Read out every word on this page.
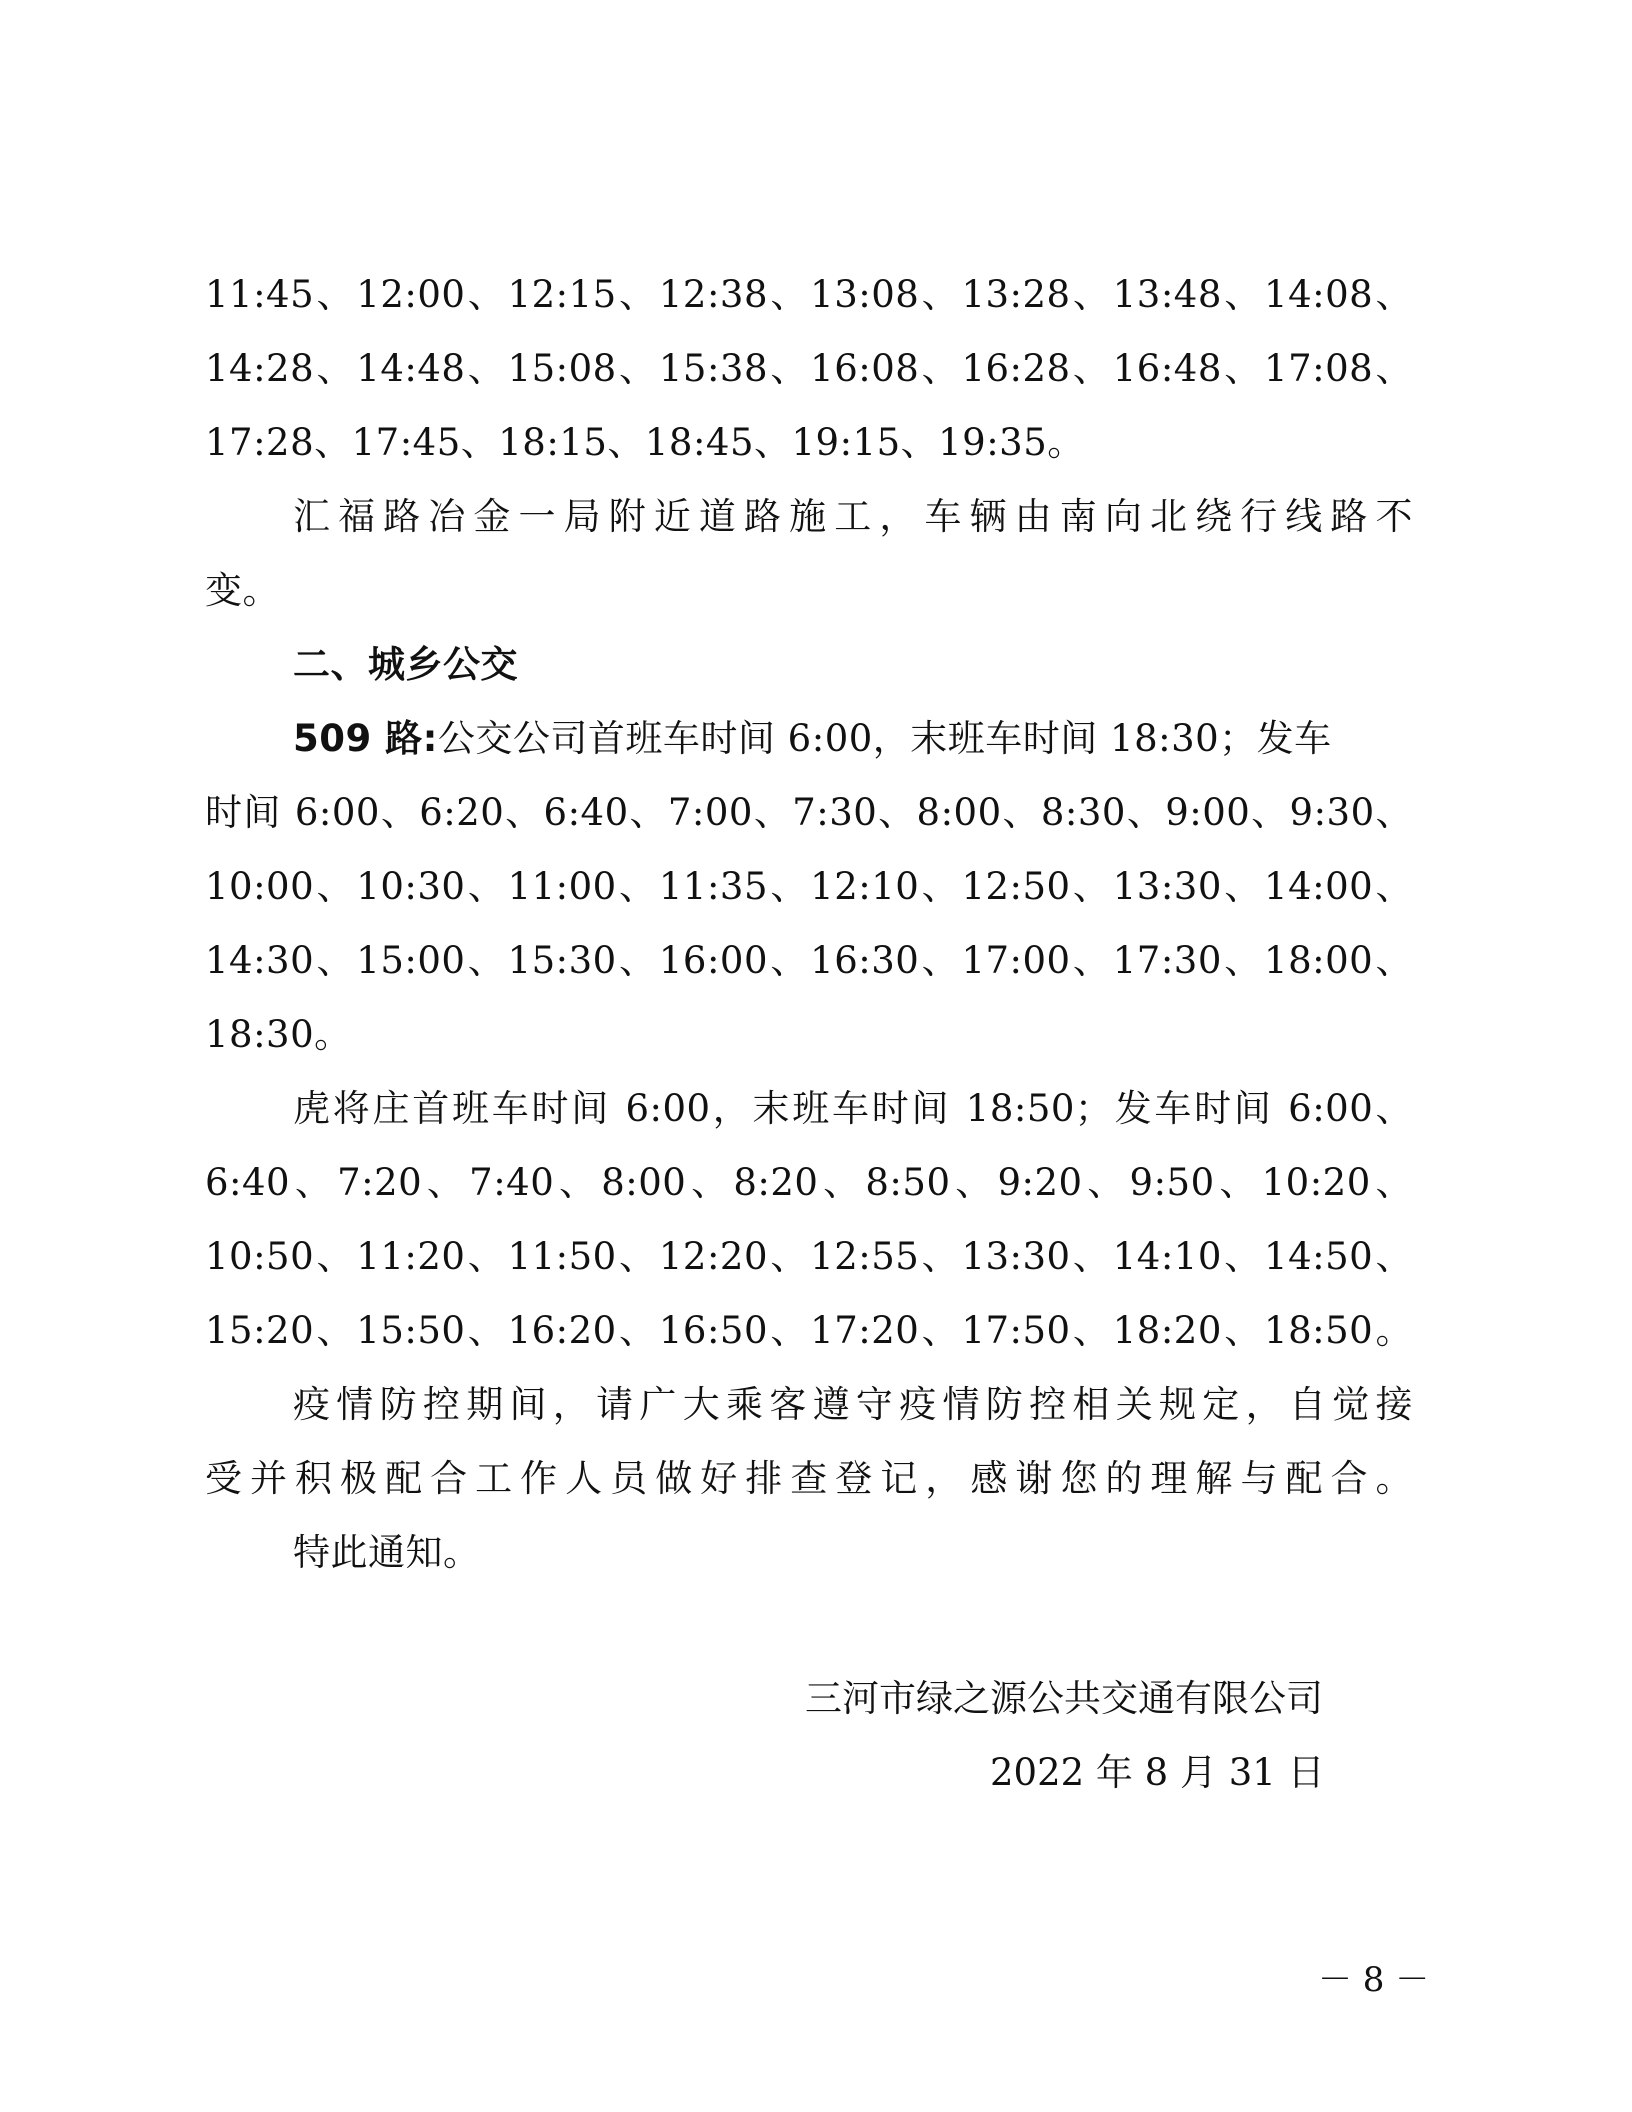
11:45、12:00、12:15、12:38、13:08、13:28、13:48、14:08、
14:28、14:48、15:08、15:38、16:08、16:28、16:48、17:08、
17:28、17:45、18:15、18:45、19:15、19:35。
汇福路冶金一局附近道路施工，车辆由南向北绕行线路不
变。
二、城乡公交
509 路:公交公司首班车时间 6:00，末班车时间 18:30；发车
时间 6:00、6:20、6:40、7:00、7:30、8:00、8:30、9:00、9:30、
10:00、10:30、11:00、11:35、12:10、12:50、13:30、14:00、
14:30、15:00、15:30、16:00、16:30、17:00、17:30、18:00、
18:30。
虎将庄首班车时间 6:00，末班车时间 18:50；发车时间 6:00、
6:40、7:20、7:40、8:00、8:20、8:50、9:20、9:50、10:20、
10:50、11:20、11:50、12:20、12:55、13:30、14:10、14:50、
15:20、15:50、16:20、16:50、17:20、17:50、18:20、18:50。
疫情防控期间，请广大乘客遵守疫情防控相关规定，自觉接
受并积极配合工作人员做好排查登记，感谢您的理解与配合。
特此通知。
三河市绿之源公共交通有限公司
2022 年 8 月 31 日
－ 8 －
